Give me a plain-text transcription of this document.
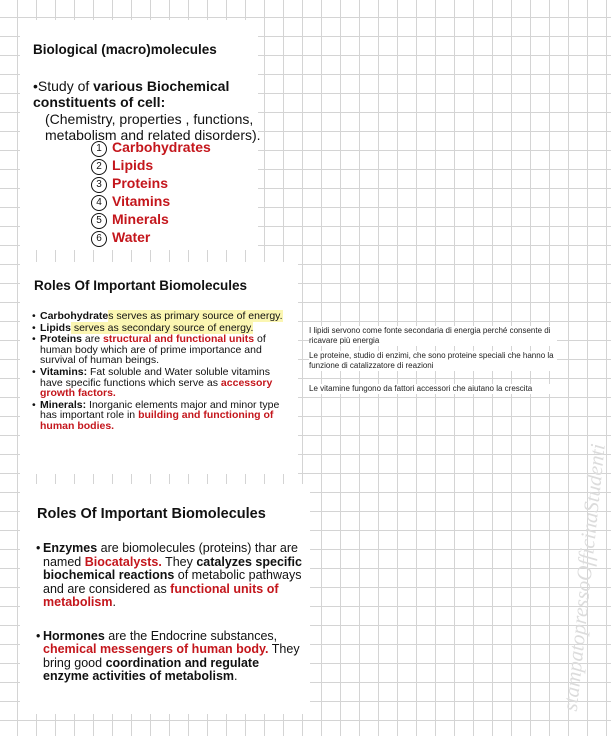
Biological (macro)molecules
•Study of various Biochemical constituents of cell:
(Chemistry, properties , functions, metabolism and related disorders).
1 Carbohydrates
2 Lipids
3 Proteins
4 Vitamins
5 Minerals
6 Water
Roles Of Important Biomolecules
• Carbohydrates serves as primary source of energy.
• Lipids serves as secondary source of energy.
• Proteins are structural and functional units of human body which are of prime importance and survival of human beings.
• Vitamins: Fat soluble and Water soluble vitamins have specific functions which serve as accessory growth factors.
• Minerals: Inorganic elements major and minor type has important role in building and functioning of human bodies.
Roles Of Important Biomolecules
• Enzymes are biomolecules (proteins) thar are named Biocatalysts. They catalyzes specific biochemical reactions of metabolic pathways and are considered as functional units of metabolism.
• Hormones are the Endocrine substances, chemical messengers of human body. They bring good coordination and regulate enzyme activities of metabolism.
I lipidi servono come fonte secondaria di energia perché consente di ricavare più energia
Le proteine, studio di enzimi, che sono proteine speciali che hanno la funzione di catalizzatore di reazioni
Le vitamine fungono da fattori accessori che aiutano la crescita
stampatopressoOfficinaStudenti
